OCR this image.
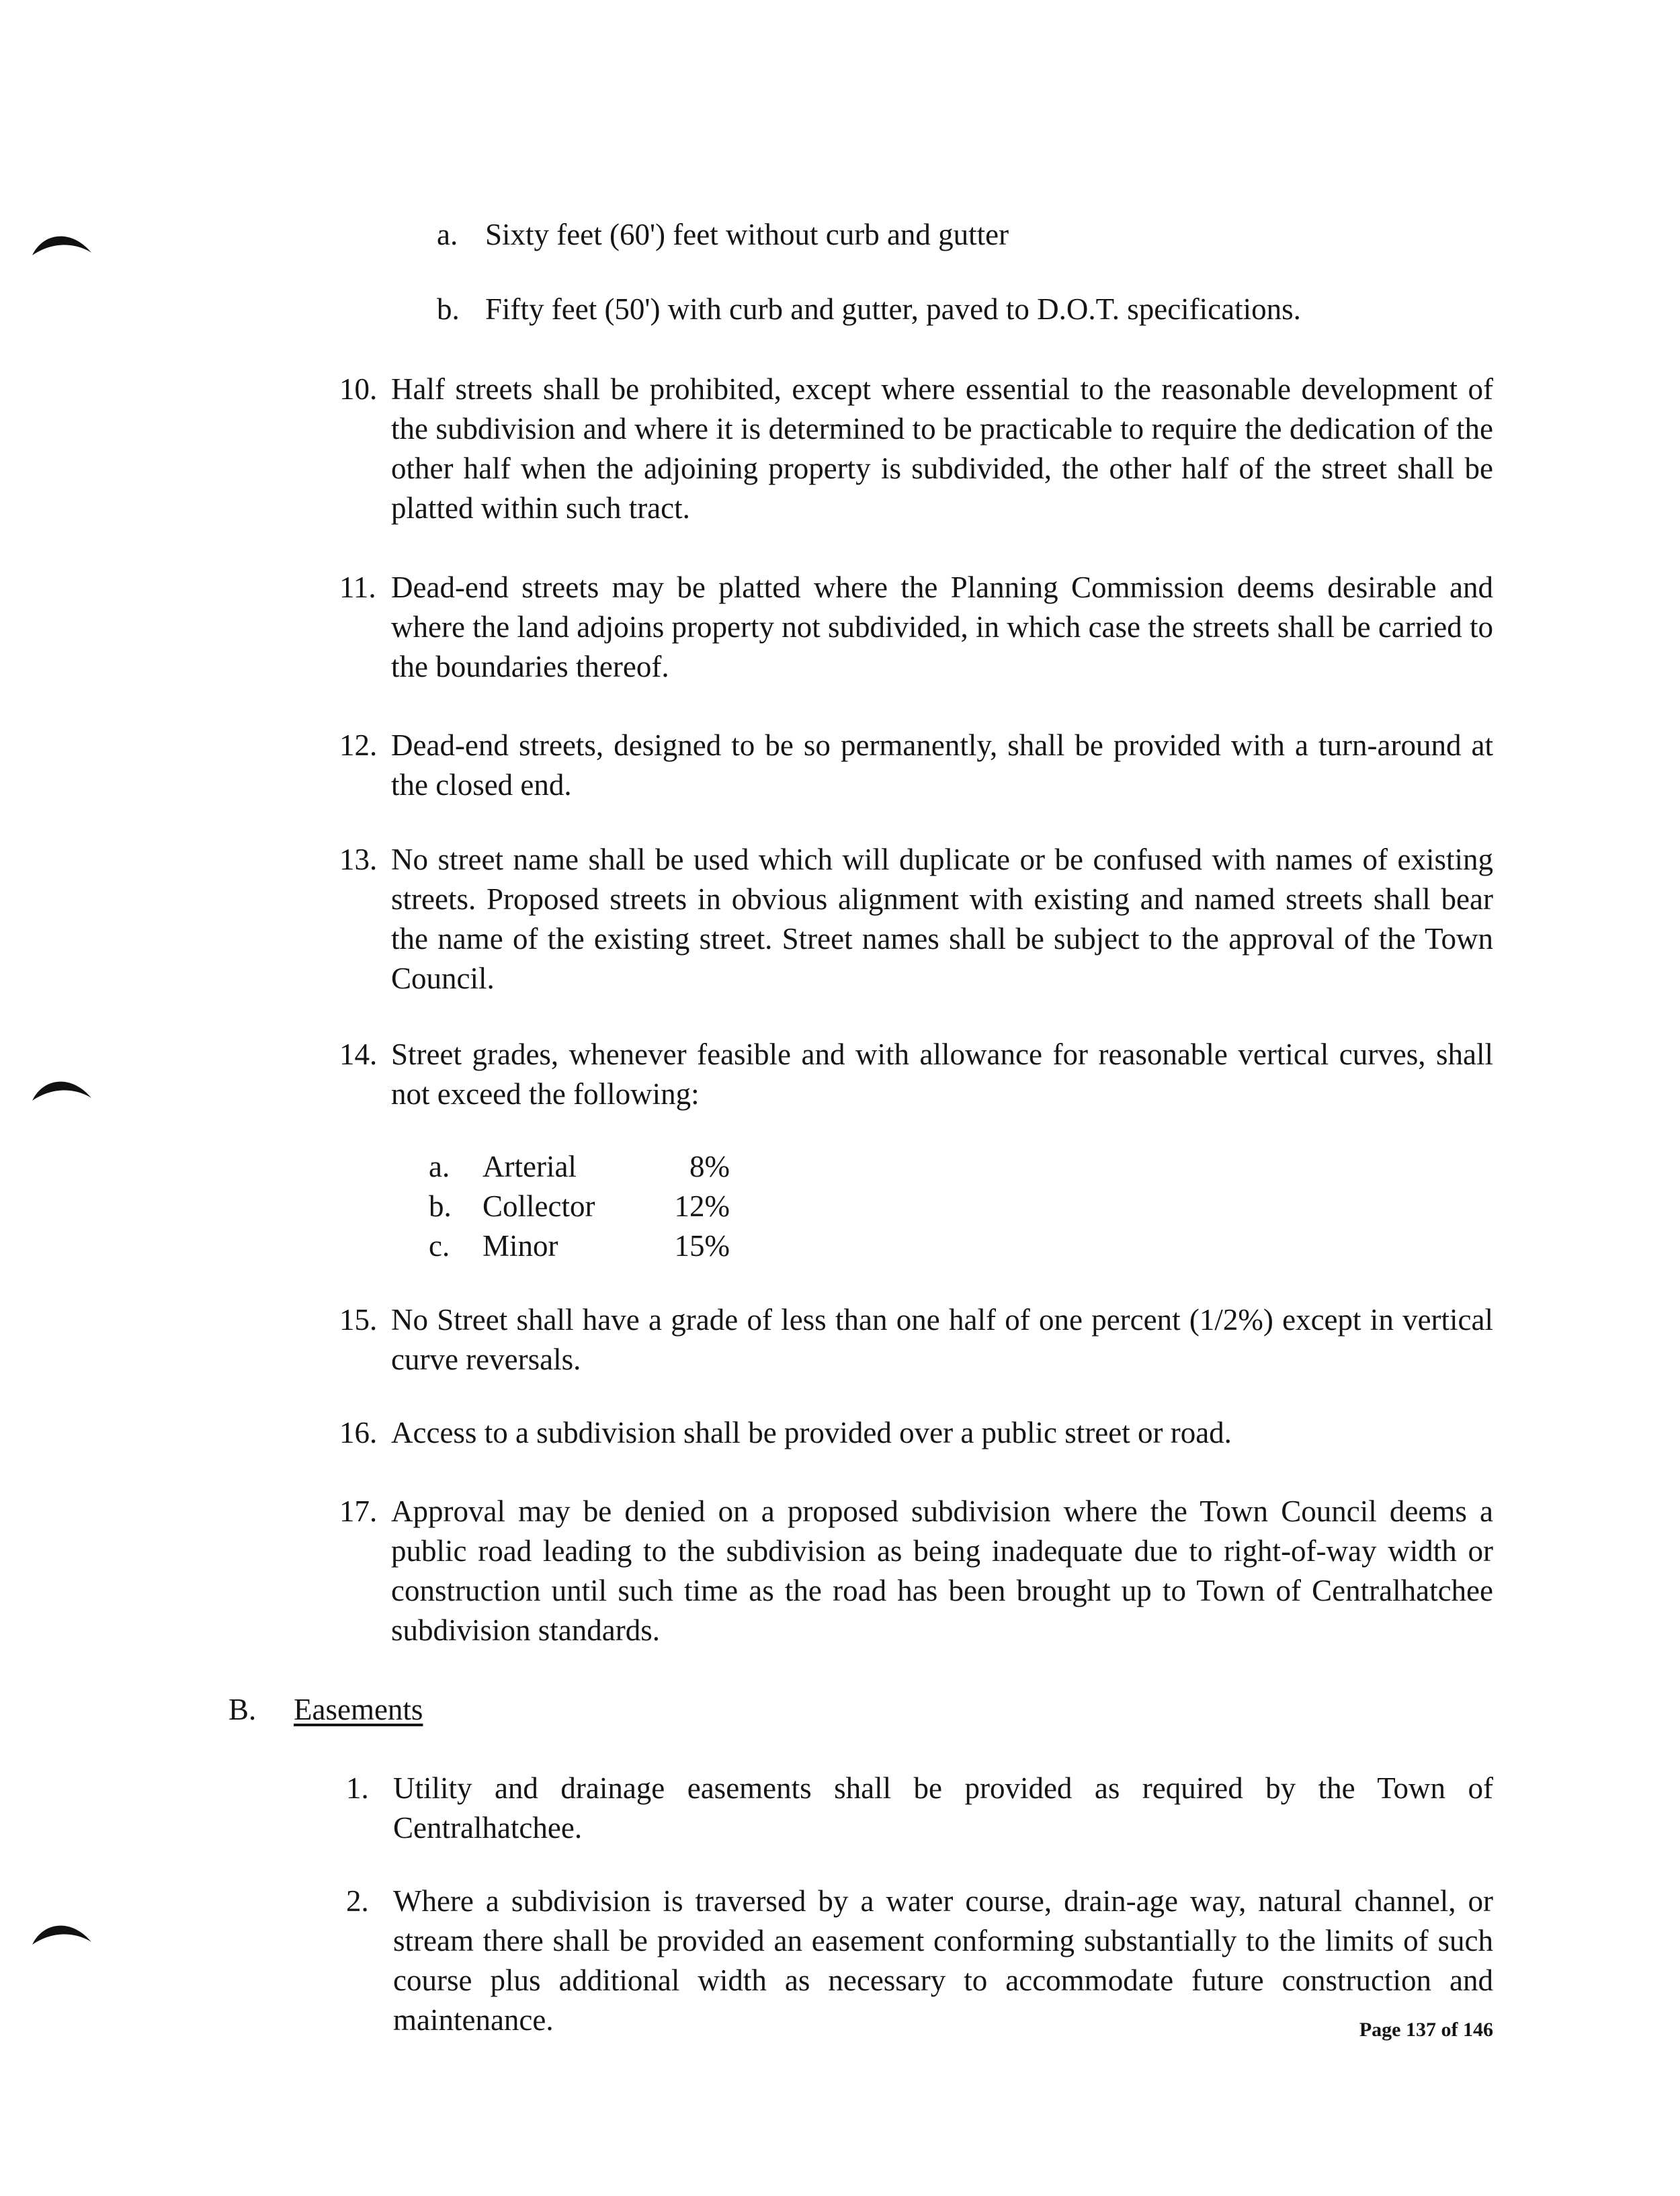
a. Sixty feet (60') feet without curb and gutter
b. Fifty feet (50') with curb and gutter, paved to D.O.T. specifications.
10. Half streets shall be prohibited, except where essential to the reasonable development of the subdivision and where it is determined to be practicable to require the dedication of the other half when the adjoining property is subdivided, the other half of the street shall be platted within such tract.
11. Dead-end streets may be platted where the Planning Commission deems desirable and where the land adjoins property not subdivided, in which case the streets shall be carried to the boundaries thereof.
12. Dead-end streets, designed to be so permanently, shall be provided with a turn-around at the closed end.
13. No street name shall be used which will duplicate or be confused with names of existing streets. Proposed streets in obvious alignment with existing and named streets shall bear the name of the existing street. Street names shall be subject to the approval of the Town Council.
14. Street grades, whenever feasible and with allowance for reasonable vertical curves, shall not exceed the following:
a.	Arterial	8%
b.	Collector	12%
c.	Minor	15%
15. No Street shall have a grade of less than one half of one percent (1/2%) except in vertical curve reversals.
16. Access to a subdivision shall be provided over a public street or road.
17. Approval may be denied on a proposed subdivision where the Town Council deems a public road leading to the subdivision as being inadequate due to right-of-way width or construction until such time as the road has been brought up to Town of Centralhatchee subdivision standards.
B. Easements
1. Utility and drainage easements shall be provided as required by the Town of Centralhatchee.
2. Where a subdivision is traversed by a water course, drain-age way, natural channel, or stream there shall be provided an easement conforming substantially to the limits of such course plus additional width as necessary to accommodate future construction and maintenance.	Page 137 of 146
